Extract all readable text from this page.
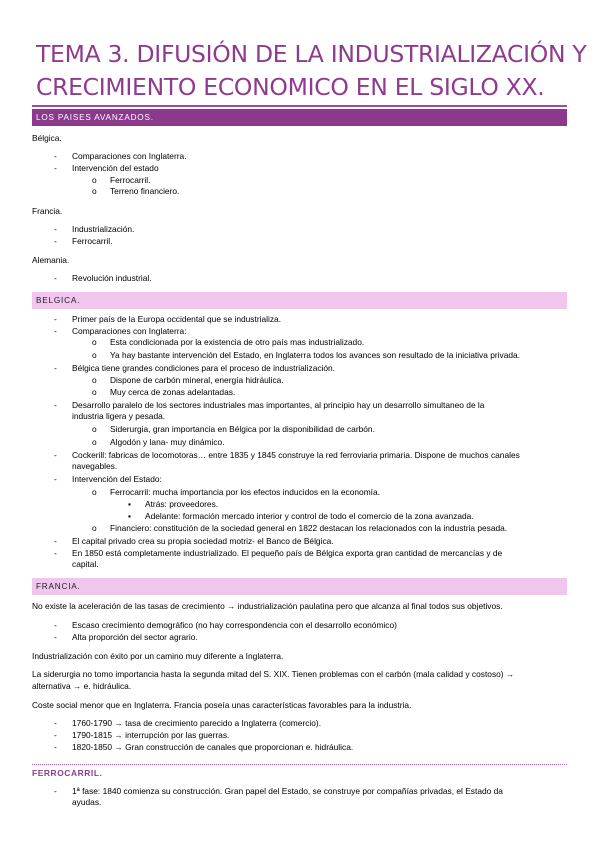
TEMA 3. DIFUSIÓN DE LA INDUSTRIALIZACIÓN Y
CRECIMIENTO ECONOMICO EN EL SIGLO XX.
LOS PAISES AVANZADOS.
Bélgica.
- Comparaciones con Inglaterra.
- Intervención del estado
o Ferrocarril.
o Terreno financiero.
Francia.
- Industrialización.
- Ferrocarril.
Alemania.
- Revolución industrial.
BELGICA.
- Primer país de la Europa occidental que se industrializa.
- Comparaciones con Inglaterra:
o Esta condicionada por la existencia de otro país mas industrializado.
o Ya hay bastante intervención del Estado, en Inglaterra todos los avances son resultado de la iniciativa privada.
- Bélgica tiene grandes condiciones para el proceso de industrialización.
o Dispone de carbón mineral, energía hidráulica.
o Muy cerca de zonas adelantadas.
- Desarrollo paralelo de los sectores industriales mas importantes, al principio hay un desarrollo simultaneo de la
industria ligera y pesada.
o Siderurgia, gran importancia en Bélgica por la disponibilidad de carbón.
o Algodón y lana- muy dinámico.
- Cockerill: fabricas de locomotoras… entre 1835 y 1845 construye la red ferroviaria primaria. Dispone de muchos canales
navegables.
- Intervención del Estado:
o Ferrocarril: mucha importancia por los efectos inducidos en la economía.
▪ Atrás: proveedores.
▪ Adelante: formación mercado interior y control de todo el comercio de la zona avanzada.
o Financiero: constitución de la sociedad general en 1822 destacan los relacionados con la industria pesada.
- El capital privado crea su propia sociedad motriz- el Banco de Bélgica.
- En 1850 está completamente industrializado. El pequeño país de Bélgica exporta gran cantidad de mercancías y de
capital.
FRANCIA.
No existe la aceleración de las tasas de crecimiento → industrialización paulatina pero que alcanza al final todos sus objetivos.
- Escaso crecimiento demográfico (no hay correspondencia con el desarrollo económico)
- Alta proporción del sector agrario.
Industrialización con éxito por un camino muy diferente a Inglaterra.
La siderurgia no tomo importancia hasta la segunda mitad del S. XIX. Tienen problemas con el carbón (mala calidad y costoso) →
alternativa → e. hidráulica.
Coste social menor que en Inglaterra. Francia poseía unas características favorables para la industria.
- 1760-1790 → tasa de crecimiento parecido a Inglaterra (comercio).
- 1790-1815 → interrupción por las guerras.
- 1820-1850 → Gran construcción de canales que proporcionan e. hidráulica.
FERROCARRIL.
- 1ª fase: 1840 comienza su construcción. Gran papel del Estado, se construye por compañías privadas, el Estado da
ayudas.
